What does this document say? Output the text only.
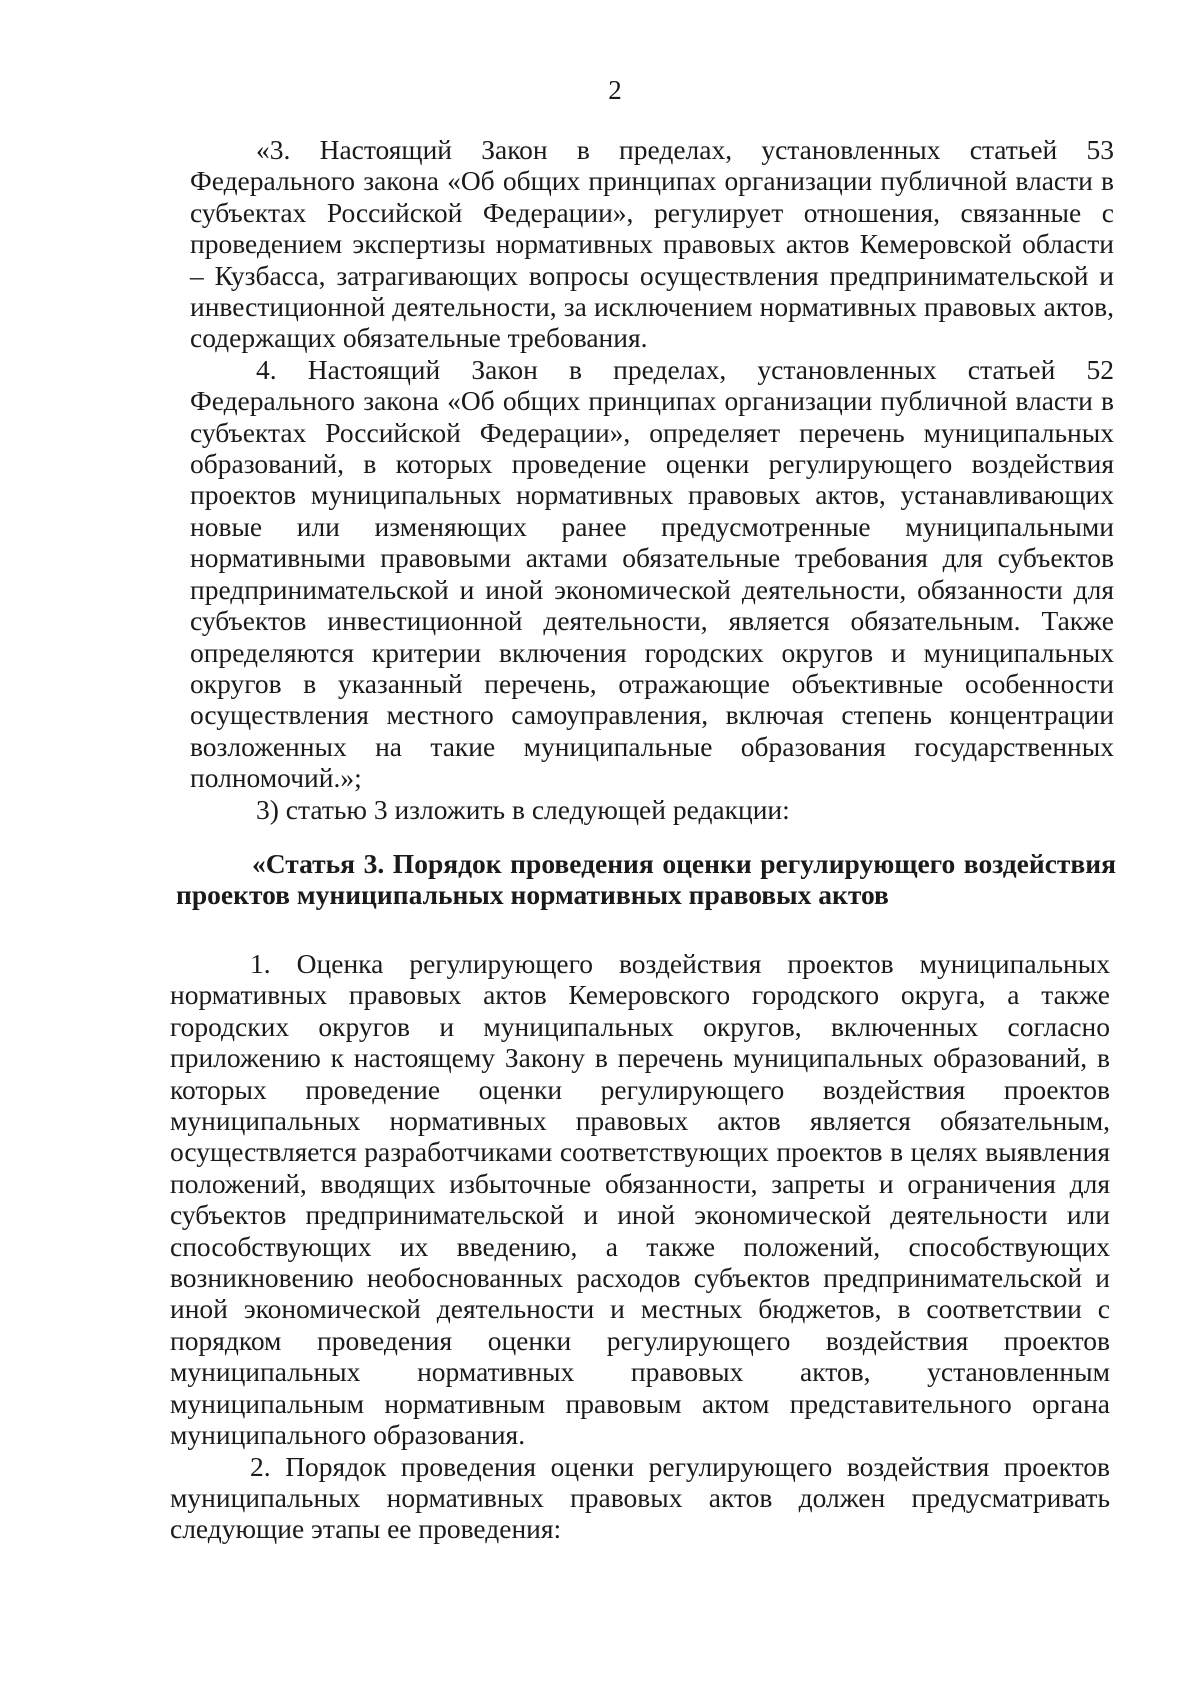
2

«3. Настоящий Закон в пределах, установленных статьей 53 Федерального закона «Об общих принципах организации публичной власти в субъектах Российской Федерации», регулирует отношения, связанные с проведением экспертизы нормативных правовых актов Кемеровской области – Кузбасса, затрагивающих вопросы осуществления предпринимательской и инвестиционной деятельности, за исключением нормативных правовых актов, содержащих обязательные требования.

4. Настоящий Закон в пределах, установленных статьей 52 Федерального закона «Об общих принципах организации публичной власти в субъектах Российской Федерации», определяет перечень муниципальных образований, в которых проведение оценки регулирующего воздействия проектов муниципальных нормативных правовых актов, устанавливающих новые или изменяющих ранее предусмотренные муниципальными нормативными правовыми актами обязательные требования для субъектов предпринимательской и иной экономической деятельности, обязанности для субъектов инвестиционной деятельности, является обязательным. Также определяются критерии включения городских округов и муниципальных округов в указанный перечень, отражающие объективные особенности осуществления местного самоуправления, включая степень концентрации возложенных на такие муниципальные образования государственных полномочий.»;

3) статью 3 изложить в следующей редакции:

«Статья 3. Порядок проведения оценки регулирующего воздействия проектов муниципальных нормативных правовых актов

1. Оценка регулирующего воздействия проектов муниципальных нормативных правовых актов Кемеровского городского округа, а также городских округов и муниципальных округов, включенных согласно приложению к настоящему Закону в перечень муниципальных образований, в которых проведение оценки регулирующего воздействия проектов муниципальных нормативных правовых актов является обязательным, осуществляется разработчиками соответствующих проектов в целях выявления положений, вводящих избыточные обязанности, запреты и ограничения для субъектов предпринимательской и иной экономической деятельности или способствующих их введению, а также положений, способствующих возникновению необоснованных расходов субъектов предпринимательской и иной экономической деятельности и местных бюджетов, в соответствии с порядком проведения оценки регулирующего воздействия проектов муниципальных нормативных правовых актов, установленным муниципальным нормативным правовым актом представительного органа муниципального образования.

2. Порядок проведения оценки регулирующего воздействия проектов муниципальных нормативных правовых актов должен предусматривать следующие этапы ее проведения:
